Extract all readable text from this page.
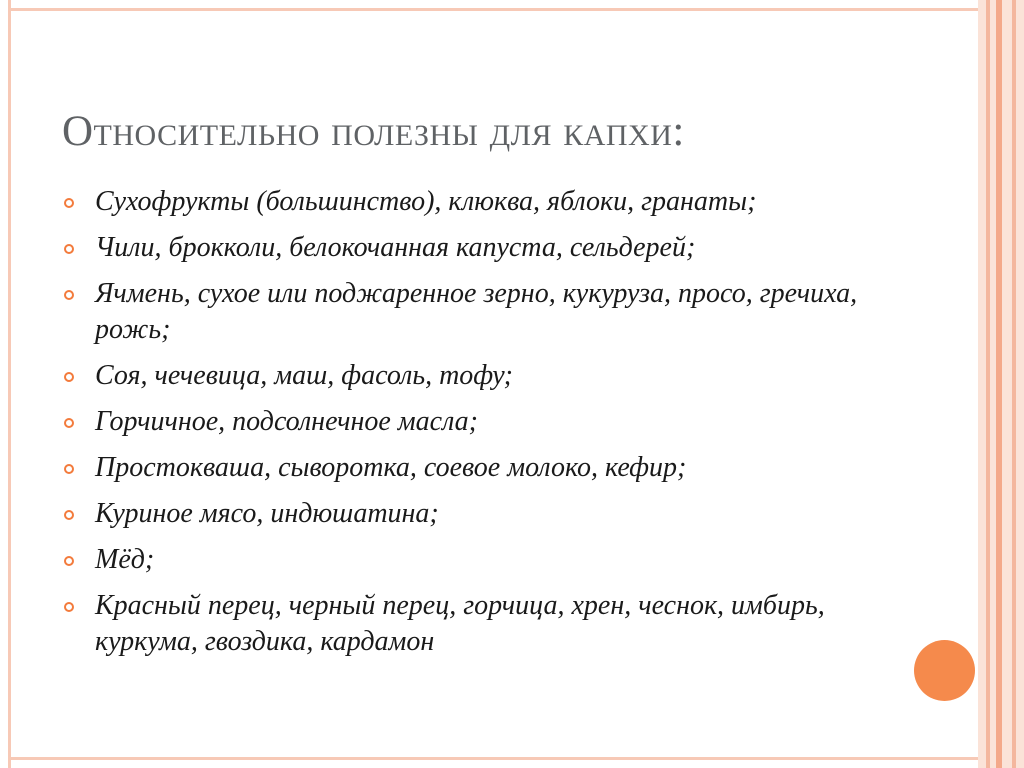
Относительно полезны для капхи:
Сухофрукты (большинство), клюква, яблоки, гранаты;
Чили, брокколи, белокочанная капуста, сельдерей;
Ячмень, сухое или поджаренное зерно, кукуруза, просо, гречиха, рожь;
Соя, чечевица, маш, фасоль, тофу;
Горчичное, подсолнечное масла;
Простокваша, сыворотка, соевое молоко, кефир;
Куриное мясо, индюшатина;
Мёд;
Красный перец, черный перец, горчица, хрен, чеснок, имбирь, куркума, гвоздика, кардамон
